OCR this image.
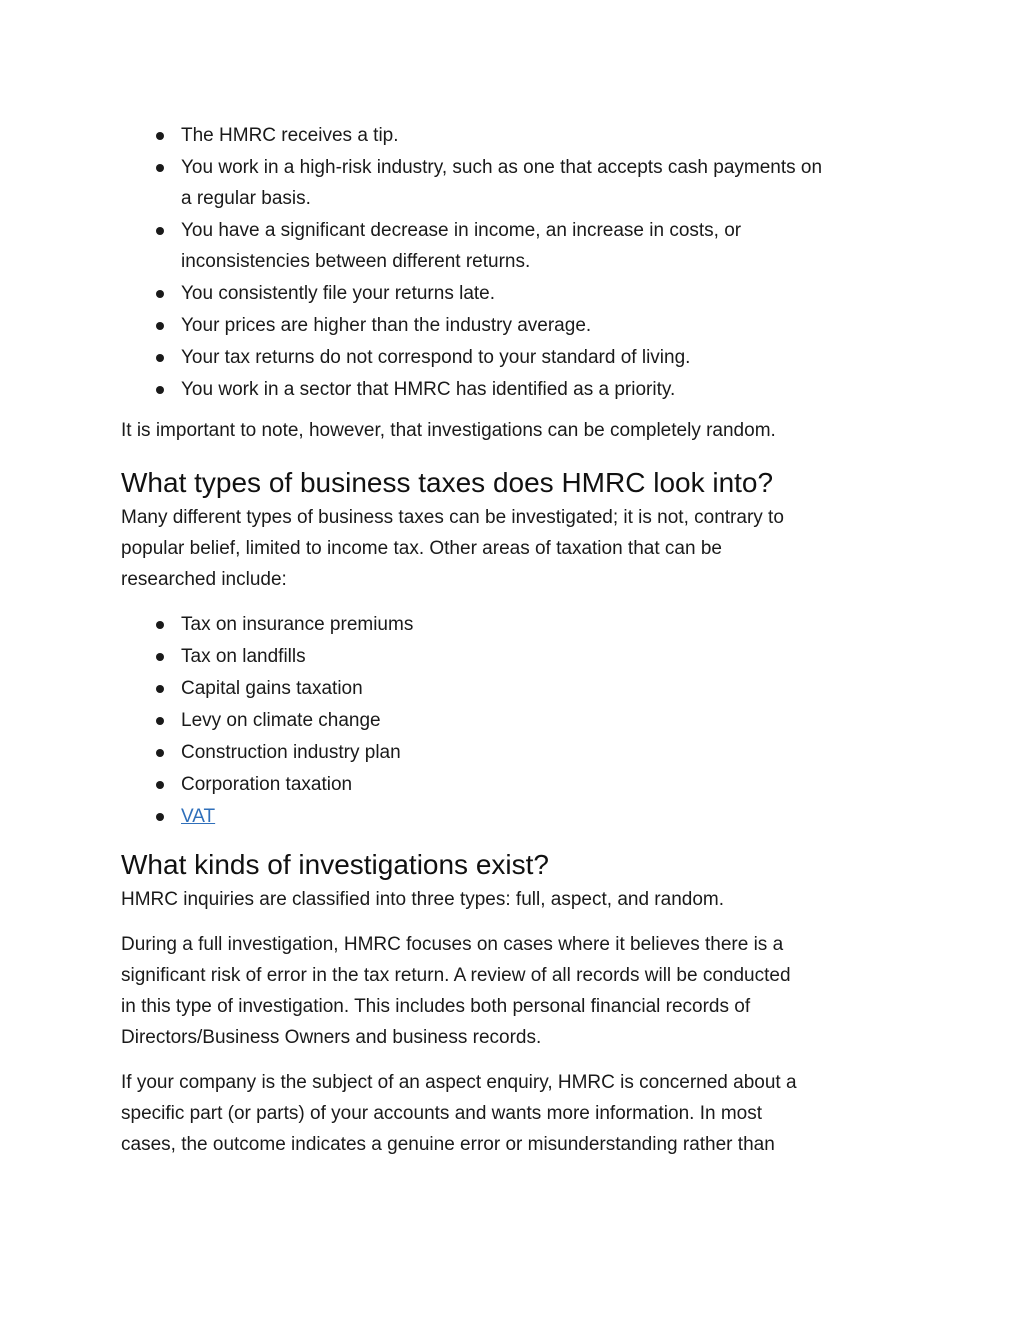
The HMRC receives a tip.
You work in a high-risk industry, such as one that accepts cash payments on
a regular basis.
You have a significant decrease in income, an increase in costs, or
inconsistencies between different returns.
You consistently file your returns late.
Your prices are higher than the industry average.
Your tax returns do not correspond to your standard of living.
You work in a sector that HMRC has identified as a priority.

It is important to note, however, that investigations can be completely random.

What types of business taxes does HMRC look into?

Many different types of business taxes can be investigated; it is not, contrary to
popular belief, limited to income tax. Other areas of taxation that can be
researched include:

Tax on insurance premiums
Tax on landfills
Capital gains taxation
Levy on climate change
Construction industry plan
Corporation taxation
VAT
What kinds of investigations exist?

HMRC inquiries are classified into three types: full, aspect, and random.

During a full investigation, HMRC focuses on cases where it believes there is a
significant risk of error in the tax return. A review of all records will be conducted
in this type of investigation. This includes both personal financial records of
Directors/Business Owners and business records.

If your company is the subject of an aspect enquiry, HMRC is concerned about a
specific part (or parts) of your accounts and wants more information. In most
cases, the outcome indicates a genuine error or misunderstanding rather than
